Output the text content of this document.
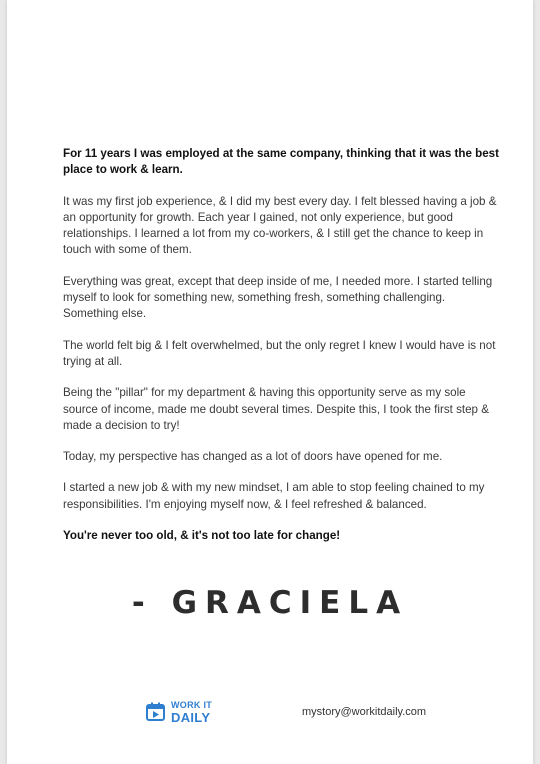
For 11 years I was employed at the same company, thinking that it was the best place to work & learn.

It was my first job experience, & I did my best every day. I felt blessed having a job & an opportunity for growth. Each year I gained, not only experience, but good relationships. I learned a lot from my co-workers, & I still get the chance to keep in touch with some of them.

Everything was great, except that deep inside of me, I needed more. I started telling myself to look for something new, something fresh, something challenging. Something else.

The world felt big & I felt overwhelmed, but the only regret I knew I would have is not trying at all.

Being the "pillar" for my department & having this opportunity serve as my sole source of income, made me doubt several times. Despite this, I took the first step & made a decision to try!

Today, my perspective has changed as a lot of doors have opened for me.

I started a new job & with my new mindset, I am able to stop feeling chained to my responsibilities. I'm enjoying myself now, & I feel refreshed & balanced.

You're never too old, & it's not too late for change!

- GRACIELA
WORK IT
DAILY	mystory@workitdaily.com
